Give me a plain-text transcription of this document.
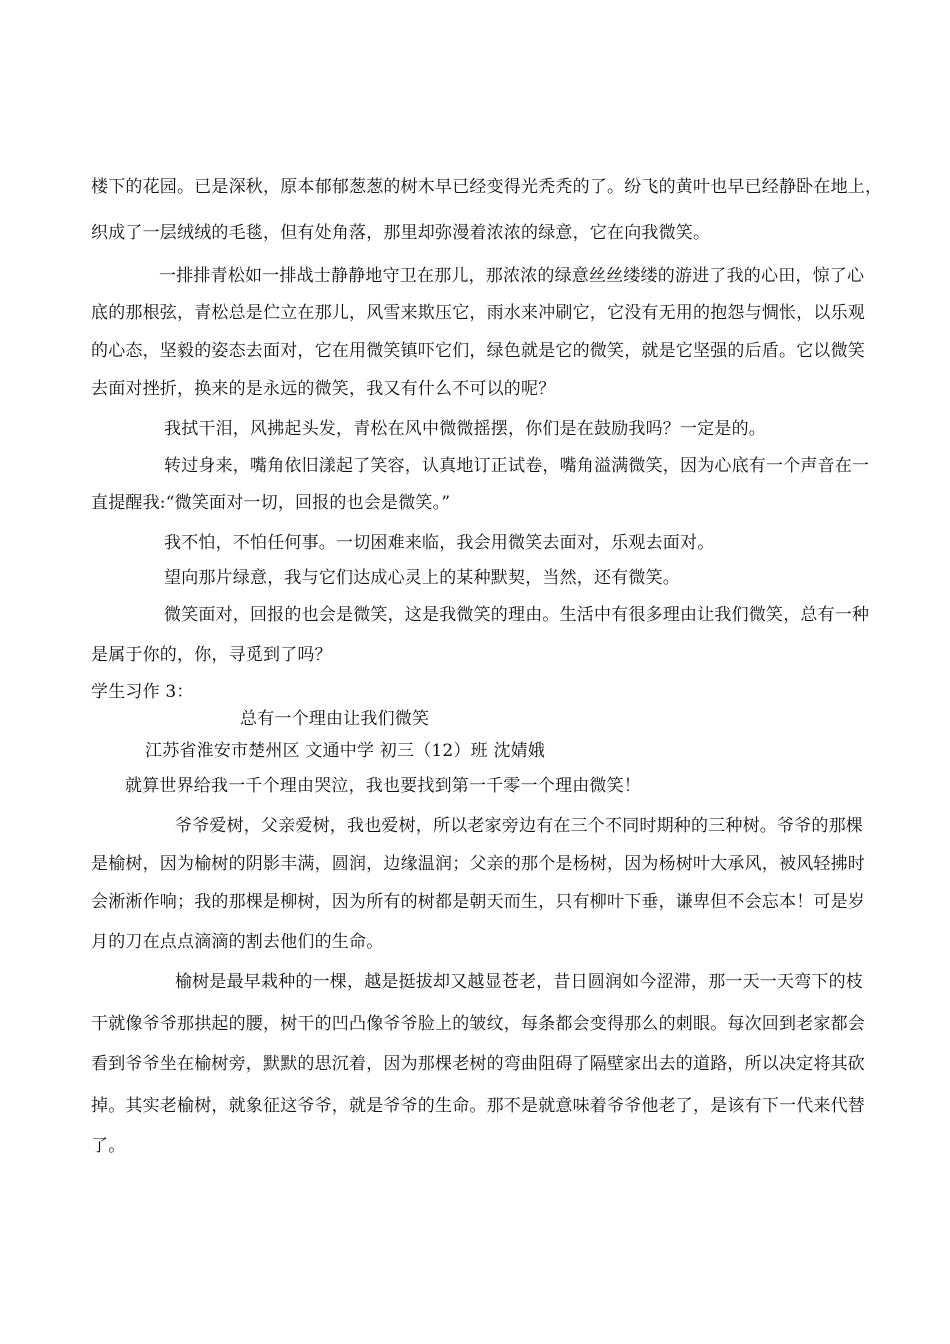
楼下的花园。已是深秋，原本郁郁葱葱的树木早已经变得光秃秃的了。纷飞的黄叶也早已经静卧在地上，
织成了一层绒绒的毛毯，但有处角落，那里却弥漫着浓浓的绿意，它在向我微笑。
一排排青松如一排战士静静地守卫在那儿，那浓浓的绿意丝丝缕缕的游进了我的心田，惊了心
底的那根弦，青松总是伫立在那儿，风雪来欺压它，雨水来冲刷它，它没有无用的抱怨与惆怅，以乐观
的心态，坚毅的姿态去面对，它在用微笑镇吓它们，绿色就是它的微笑，就是它坚强的后盾。它以微笑
去面对挫折，换来的是永远的微笑，我又有什么不可以的呢？
我拭干泪，风拂起头发，青松在风中微微摇摆，你们是在鼓励我吗？一定是的。
转过身来，嘴角依旧漾起了笑容，认真地订正试卷，嘴角溢满微笑，因为心底有一个声音在一
直提醒我:“微笑面对一切，回报的也会是微笑。”
我不怕，不怕任何事。一切困难来临，我会用微笑去面对，乐观去面对。
望向那片绿意，我与它们达成心灵上的某种默契，当然，还有微笑。
微笑面对，回报的也会是微笑，这是我微笑的理由。生活中有很多理由让我们微笑，总有一种
是属于你的，你，寻觅到了吗？
学生习作 3：
总有一个理由让我们微笑
江苏省淮安市楚州区 文通中学 初三（12）班 沈婧娥
就算世界给我一千个理由哭泣，我也要找到第一千零一个理由微笑！
爷爷爱树，父亲爱树，我也爱树，所以老家旁边有在三个不同时期种的三种树。爷爷的那棵
是榆树，因为榆树的阴影丰满，圆润，边缘温润；父亲的那个是杨树，因为杨树叶大承风，被风轻拂时
会淅淅作响；我的那棵是柳树，因为所有的树都是朝天而生，只有柳叶下垂，谦卑但不会忘本！可是岁
月的刀在点点滴滴的割去他们的生命。
榆树是最早栽种的一棵，越是挺拔却又越显苍老，昔日圆润如今涩滞，那一天一天弯下的枝
干就像爷爷那拱起的腰，树干的凹凸像爷爷脸上的皱纹，每条都会变得那么的刺眼。每次回到老家都会
看到爷爷坐在榆树旁，默默的思沉着，因为那棵老树的弯曲阻碍了隔壁家出去的道路，所以决定将其砍
掉。其实老榆树，就象征这爷爷，就是爷爷的生命。那不是就意味着爷爷他老了，是该有下一代来代替
了。
